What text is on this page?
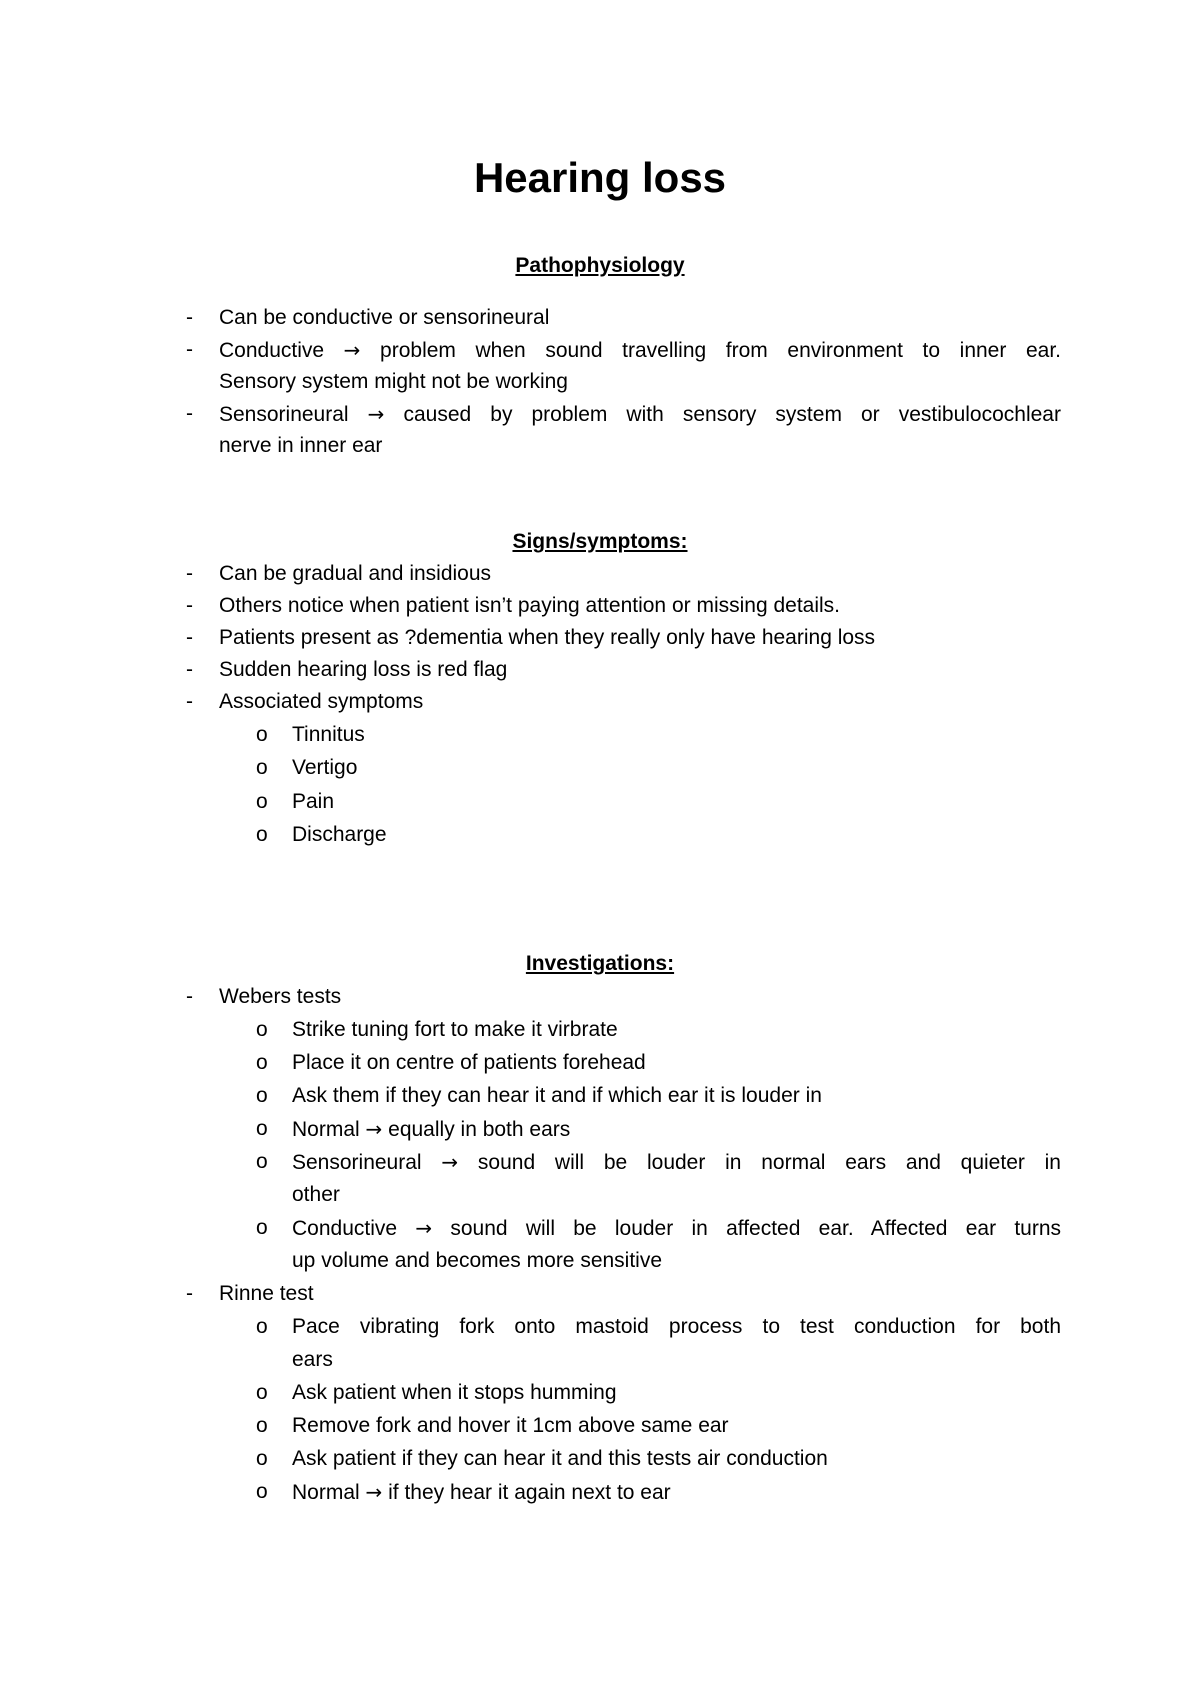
Hearing loss
Pathophysiology
- Can be conductive or sensorineural
- Conductive → problem when sound travelling from environment to inner ear.
Sensory system might not be working
- Sensorineural → caused by problem with sensory system or vestibulocochlear
nerve in inner ear
Signs/symptoms:
- Can be gradual and insidious
- Others notice when patient isn’t paying attention or missing details.
- Patients present as ?dementia when they really only have hearing loss
- Sudden hearing loss is red flag
- Associated symptoms
o Tinnitus
o Vertigo
o Pain
o Discharge
Investigations:
- Webers tests
o Strike tuning fort to make it virbrate
o Place it on centre of patients forehead
o Ask them if they can hear it and if which ear it is louder in
o Normal → equally in both ears
o Sensorineural → sound will be louder in normal ears and quieter in
other
o Conductive → sound will be louder in affected ear. Affected ear turns
up volume and becomes more sensitive
- Rinne test
o Pace vibrating fork onto mastoid process to test conduction for both
ears
o Ask patient when it stops humming
o Remove fork and hover it 1cm above same ear
o Ask patient if they can hear it and this tests air conduction
o Normal → if they hear it again next to ear
